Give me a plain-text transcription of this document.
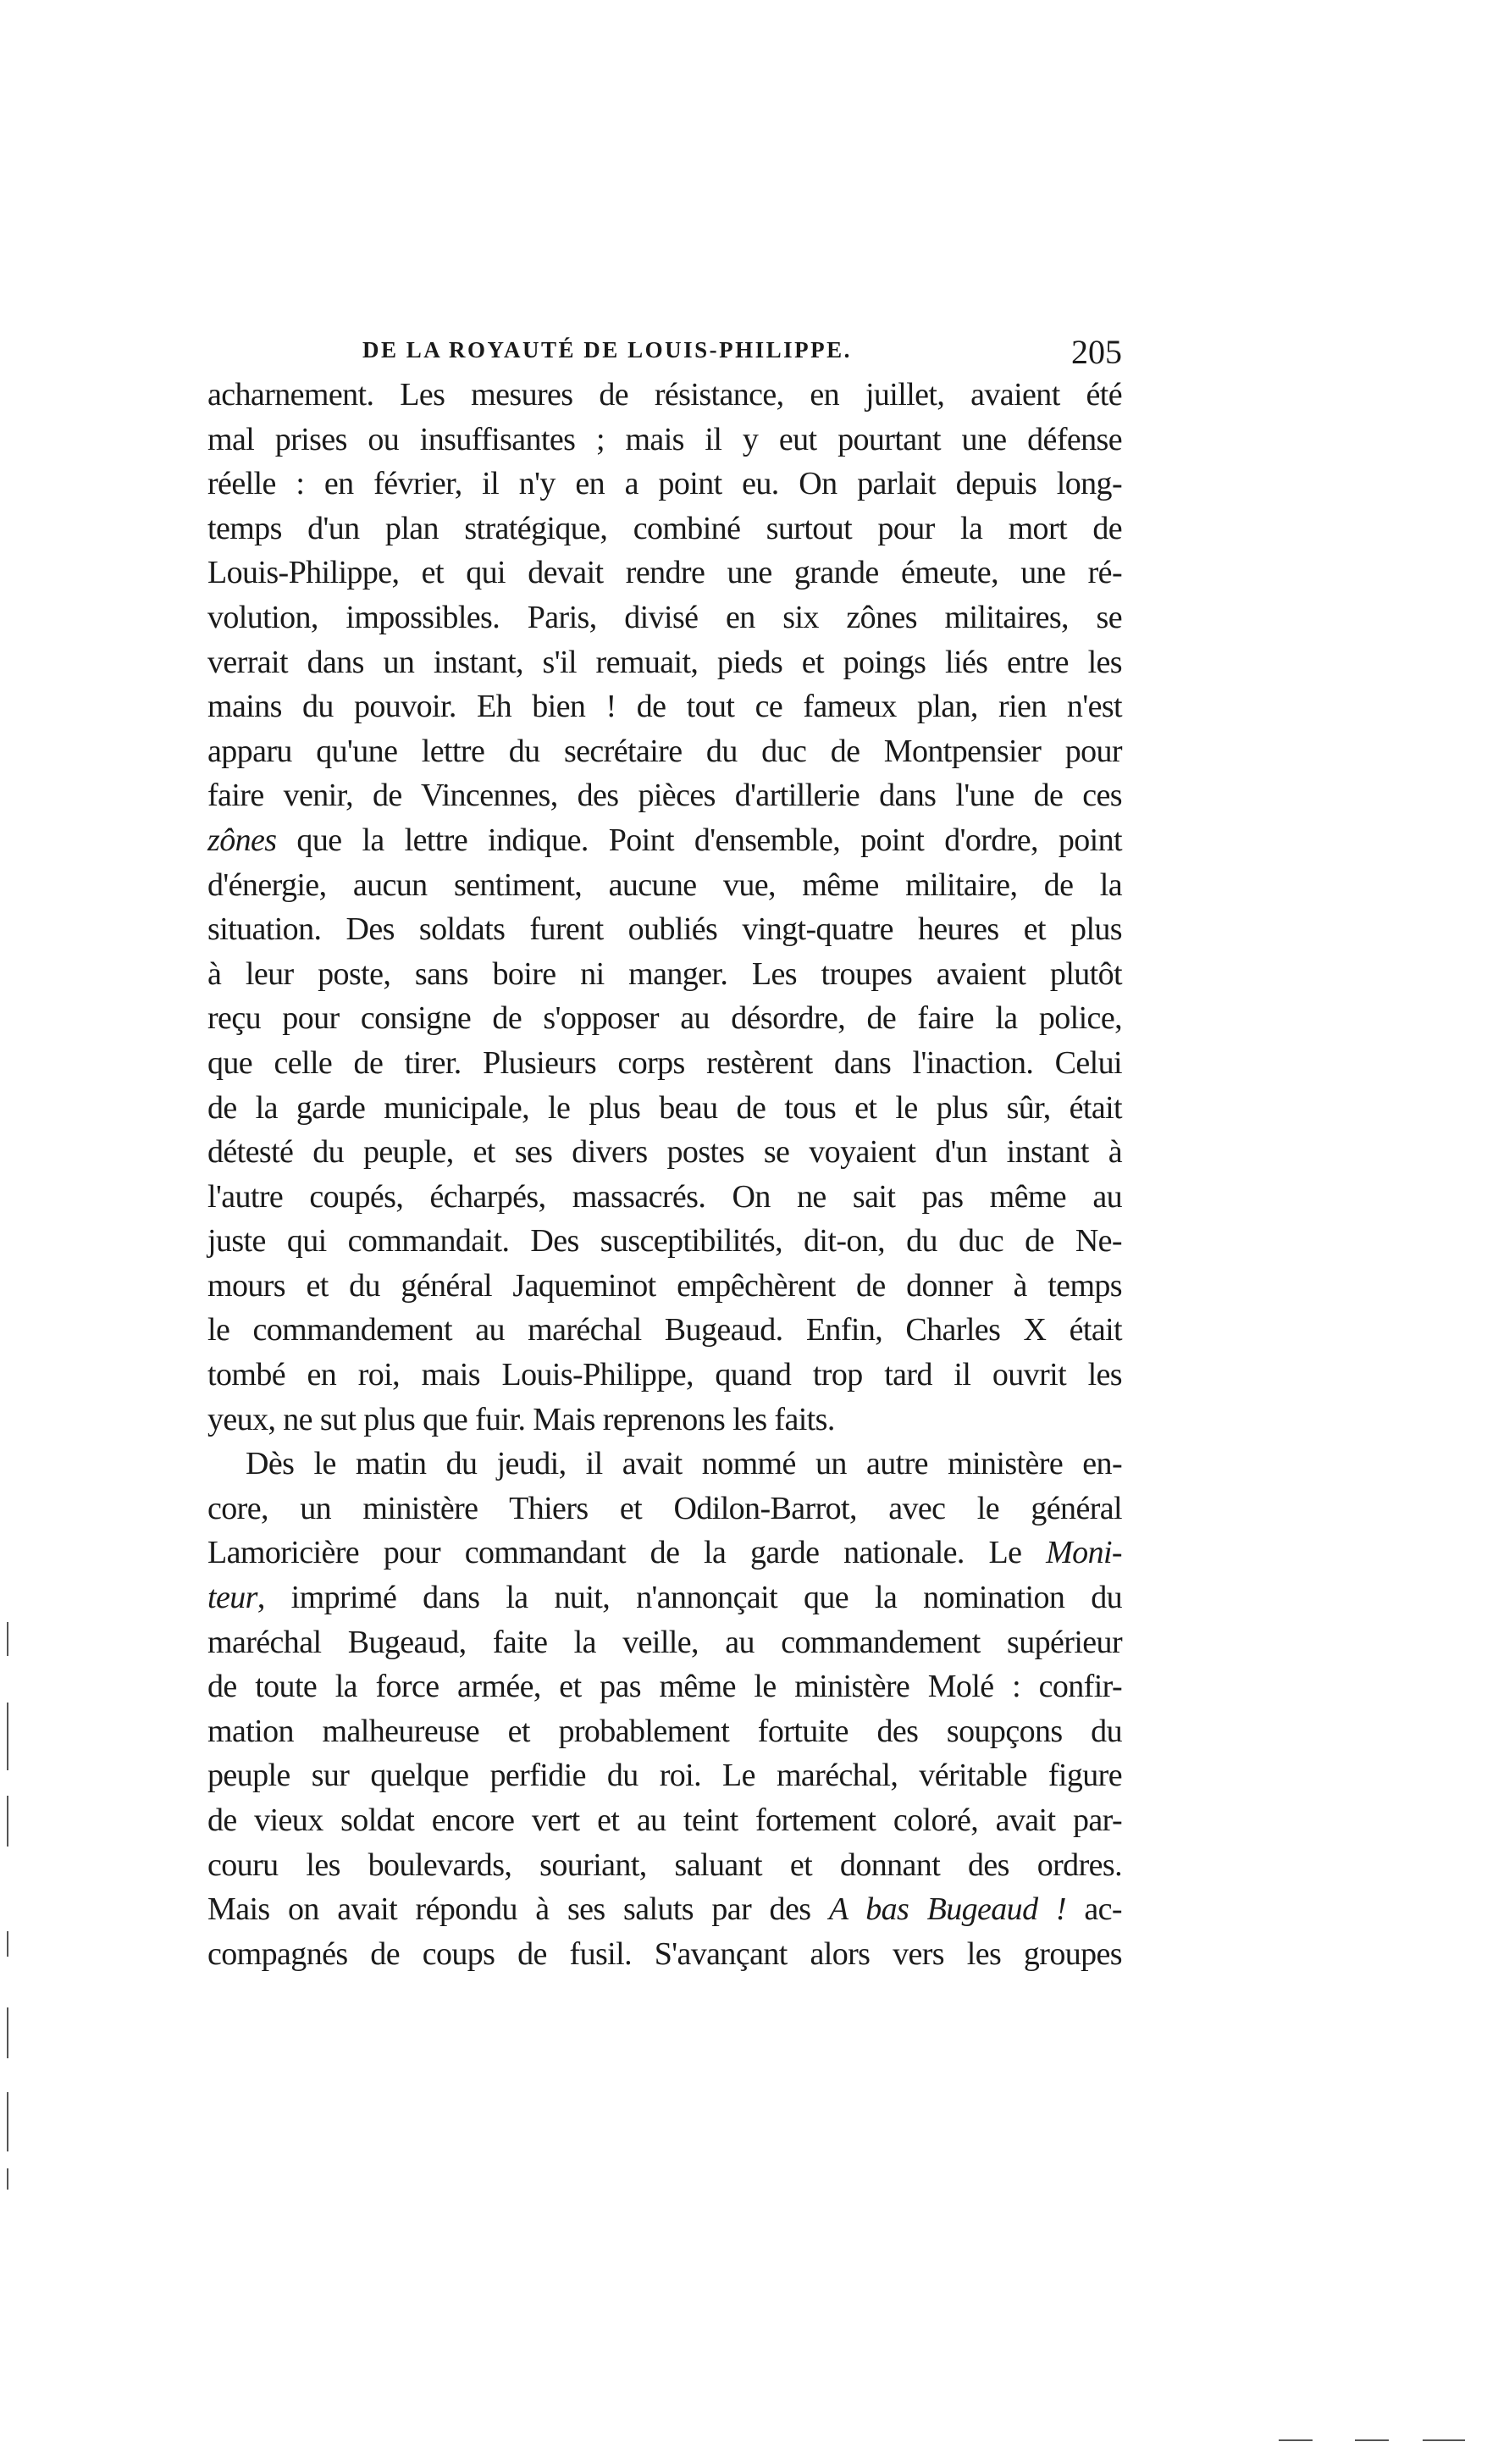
DE LA ROYAUTÉ DE LOUIS-PHILIPPE.	205
acharnement. Les mesures de résistance, en juillet, avaient été
mal prises ou insuffisantes ; mais il y eut pourtant une défense
réelle : en février, il n'y en a point eu. On parlait depuis long-
temps d'un plan stratégique, combiné surtout pour la mort de
Louis-Philippe, et qui devait rendre une grande émeute, une ré-
volution, impossibles. Paris, divisé en six zônes militaires, se
verrait dans un instant, s'il remuait, pieds et poings liés entre les
mains du pouvoir. Eh bien ! de tout ce fameux plan, rien n'est
apparu qu'une lettre du secrétaire du duc de Montpensier pour
faire venir, de Vincennes, des pièces d'artillerie dans l'une de ces
zônes que la lettre indique. Point d'ensemble, point d'ordre, point
d'énergie, aucun sentiment, aucune vue, même militaire, de la
situation. Des soldats furent oubliés vingt-quatre heures et plus
à leur poste, sans boire ni manger. Les troupes avaient plutôt
reçu pour consigne de s'opposer au désordre, de faire la police,
que celle de tirer. Plusieurs corps restèrent dans l'inaction. Celui
de la garde municipale, le plus beau de tous et le plus sûr, était
détesté du peuple, et ses divers postes se voyaient d'un instant à
l'autre coupés, écharpés, massacrés. On ne sait pas même au
juste qui commandait. Des susceptibilités, dit-on, du duc de Ne-
mours et du général Jaqueminot empêchèrent de donner à temps
le commandement au maréchal Bugeaud. Enfin, Charles X était
tombé en roi, mais Louis-Philippe, quand trop tard il ouvrit les
yeux, ne sut plus que fuir. Mais reprenons les faits.
Dès le matin du jeudi, il avait nommé un autre ministère en-
core, un ministère Thiers et Odilon-Barrot, avec le général
Lamoricière pour commandant de la garde nationale. Le Moni-
teur, imprimé dans la nuit, n'annonçait que la nomination du
maréchal Bugeaud, faite la veille, au commandement supérieur
de toute la force armée, et pas même le ministère Molé : confir-
mation malheureuse et probablement fortuite des soupçons du
peuple sur quelque perfidie du roi. Le maréchal, véritable figure
de vieux soldat encore vert et au teint fortement coloré, avait par-
couru les boulevards, souriant, saluant et donnant des ordres.
Mais on avait répondu à ses saluts par des A bas Bugeaud ! ac-
compagnés de coups de fusil. S'avançant alors vers les groupes
